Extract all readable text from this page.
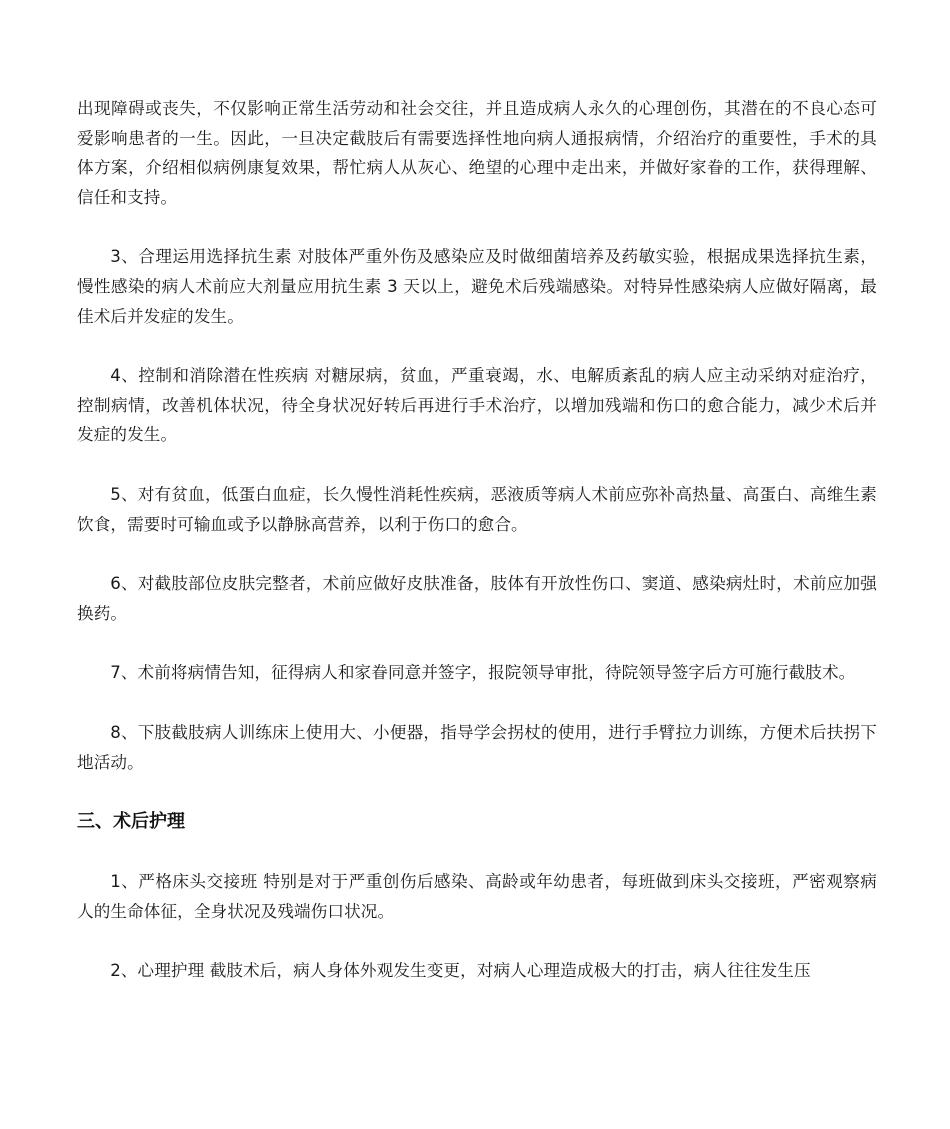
出现障碍或丧失，不仅影响正常生活劳动和社会交往，并且造成病人永久的心理创伤，其潜在的不良心态可爱影响患者的一生。因此，一旦决定截肢后有需要选择性地向病人通报病情，介绍治疗的重要性，手术的具体方案，介绍相似病例康复效果，帮忙病人从灰心、绝望的心理中走出来，并做好家眷的工作，获得理解、信任和支持。

3、合理运用选择抗生素 对肢体严重外伤及感染应及时做细菌培养及药敏实验，根据成果选择抗生素，慢性感染的病人术前应大剂量应用抗生素 3 天以上，避免术后残端感染。对特异性感染病人应做好隔离，最佳术后并发症的发生。

4、控制和消除潜在性疾病 对糖尿病，贫血，严重衰竭，水、电解质紊乱的病人应主动采纳对症治疗，控制病情，改善机体状况，待全身状况好转后再进行手术治疗，以增加残端和伤口的愈合能力，减少术后并发症的发生。

5、对有贫血，低蛋白血症，长久慢性消耗性疾病，恶液质等病人术前应弥补高热量、高蛋白、高维生素饮食，需要时可输血或予以静脉高营养，以利于伤口的愈合。

6、对截肢部位皮肤完整者，术前应做好皮肤准备，肢体有开放性伤口、窦道、感染病灶时，术前应加强换药。

7、术前将病情告知，征得病人和家眷同意并签字，报院领导审批，待院领导签字后方可施行截肢术。

8、下肢截肢病人训练床上使用大、小便器，指导学会拐杖的使用，进行手臂拉力训练，方便术后扶拐下地活动。

三、术后护理

1、严格床头交接班 特别是对于严重创伤后感染、高龄或年幼患者，每班做到床头交接班，严密观察病人的生命体征，全身状况及残端伤口状况。

2、心理护理 截肢术后，病人身体外观发生变更，对病人心理造成极大的打击，病人往往发生压
